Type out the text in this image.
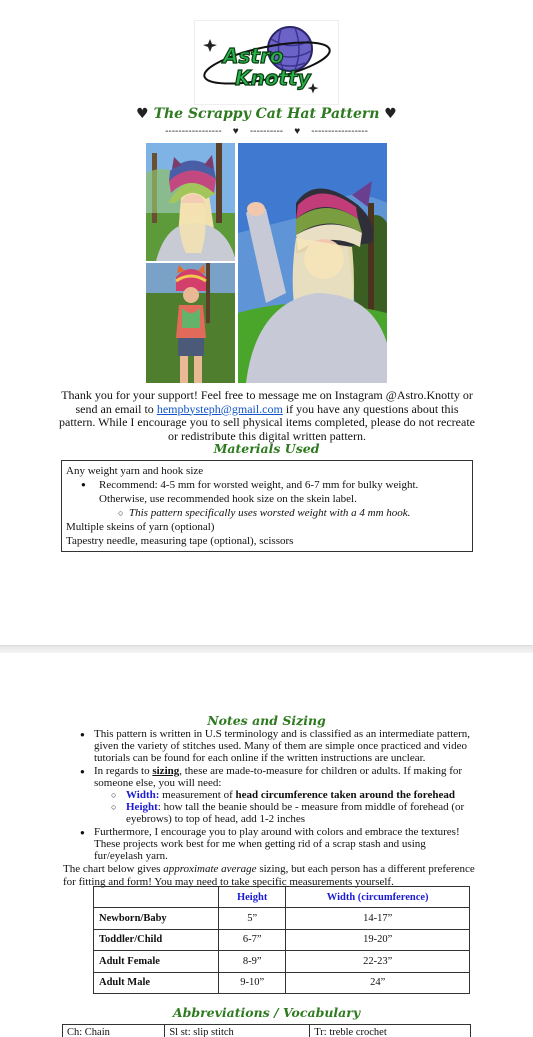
Astro
Knotty
♥ The Scrappy Cat Hat Pattern ♥
-----------------    ♥    ----------    ♥    -----------------
Thank you for your support! Feel free to message me on Instagram @Astro.Knotty or send an email to hempbysteph@gmail.com if you have any questions about this pattern. While I encourage you to sell physical items completed, please do not recreate or redistribute this digital written pattern.
Materials Used
Any weight yarn and hook size
● Recommend: 4-5 mm for worsted weight, and 6-7 mm for bulky weight. Otherwise, use recommended hook size on the skein label.
○ This pattern specifically uses worsted weight with a 4 mm hook.
Multiple skeins of yarn (optional)
Tapestry needle, measuring tape (optional), scissors
Notes and Sizing
● This pattern is written in U.S terminology and is classified as an intermediate pattern, given the variety of stitches used. Many of them are simple once practiced and video tutorials can be found for each online if the written instructions are unclear.
● In regards to sizing, these are made-to-measure for children or adults. If making for someone else, you will need:
○ Width: measurement of head circumference taken around the forehead
○ Height: how tall the beanie should be - measure from middle of forehead (or eyebrows) to top of head, add 1-2 inches
● Furthermore, I encourage you to play around with colors and embrace the textures! These projects work best for me when getting rid of a scrap stash and using fur/eyelash yarn.
The chart below gives approximate average sizing, but each person has a different preference for fitting and form! You may need to take specific measurements yourself.
	Height	Width (circumference)
Newborn/Baby	5”	14-17”
Toddler/Child	6-7”	19-20”
Adult Female	8-9”	22-23”
Adult Male	9-10”	24”
Abbreviations / Vocabulary
Ch: Chain	Sl st: slip stitch	Tr: treble crochet
